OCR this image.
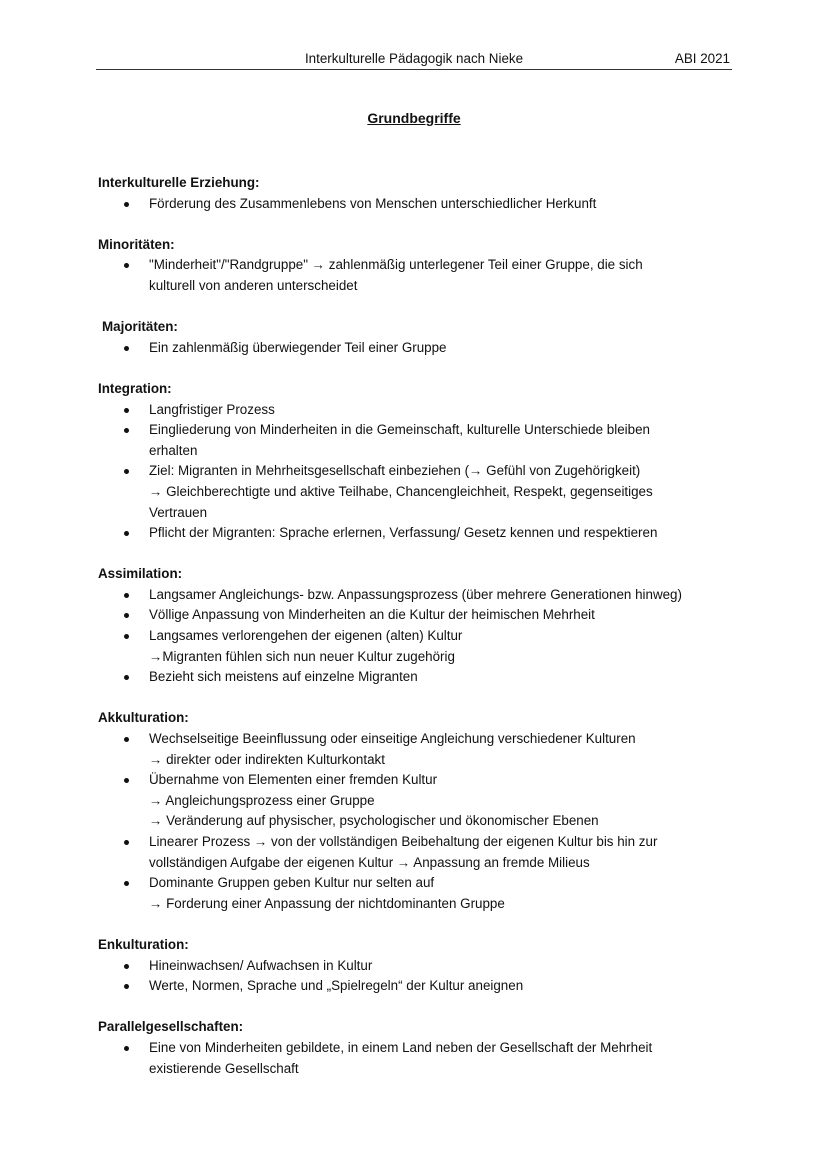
Interkulturelle Pädagogik nach Nieke	ABI 2021
Grundbegriffe
Interkulturelle Erziehung:
Förderung des Zusammenlebens von Menschen unterschiedlicher Herkunft
Minoritäten:
"Minderheit"/"Randgruppe" → zahlenmäßig unterlegener Teil einer Gruppe, die sich
kulturell von anderen unterscheidet
Majoritäten:
Ein zahlenmäßig überwiegender Teil einer Gruppe
Integration:
Langfristiger Prozess
Eingliederung von Minderheiten in die Gemeinschaft, kulturelle Unterschiede bleiben
erhalten
Ziel: Migranten in Mehrheitsgesellschaft einbeziehen (→ Gefühl von Zugehörigkeit)
→ Gleichberechtigte und aktive Teilhabe, Chancengleichheit, Respekt, gegenseitiges
Vertrauen
Pflicht der Migranten: Sprache erlernen, Verfassung/ Gesetz kennen und respektieren
Assimilation:
Langsamer Angleichungs- bzw. Anpassungsprozess (über mehrere Generationen hinweg)
Völlige Anpassung von Minderheiten an die Kultur der heimischen Mehrheit
Langsames verlorengehen der eigenen (alten) Kultur
→Migranten fühlen sich nun neuer Kultur zugehörig
Bezieht sich meistens auf einzelne Migranten
Akkulturation:
Wechselseitige Beeinflussung oder einseitige Angleichung verschiedener Kulturen
→ direkter oder indirekten Kulturkontakt
Übernahme von Elementen einer fremden Kultur
→ Angleichungsprozess einer Gruppe
→ Veränderung auf physischer, psychologischer und ökonomischer Ebenen
Linearer Prozess → von der vollständigen Beibehaltung der eigenen Kultur bis hin zur
vollständigen Aufgabe der eigenen Kultur → Anpassung an fremde Milieus
Dominante Gruppen geben Kultur nur selten auf
→ Forderung einer Anpassung der nichtdominanten Gruppe
Enkulturation:
Hineinwachsen/ Aufwachsen in Kultur
Werte, Normen, Sprache und „Spielregeln“ der Kultur aneignen
Parallelgesellschaften:
Eine von Minderheiten gebildete, in einem Land neben der Gesellschaft der Mehrheit
existierende Gesellschaft
